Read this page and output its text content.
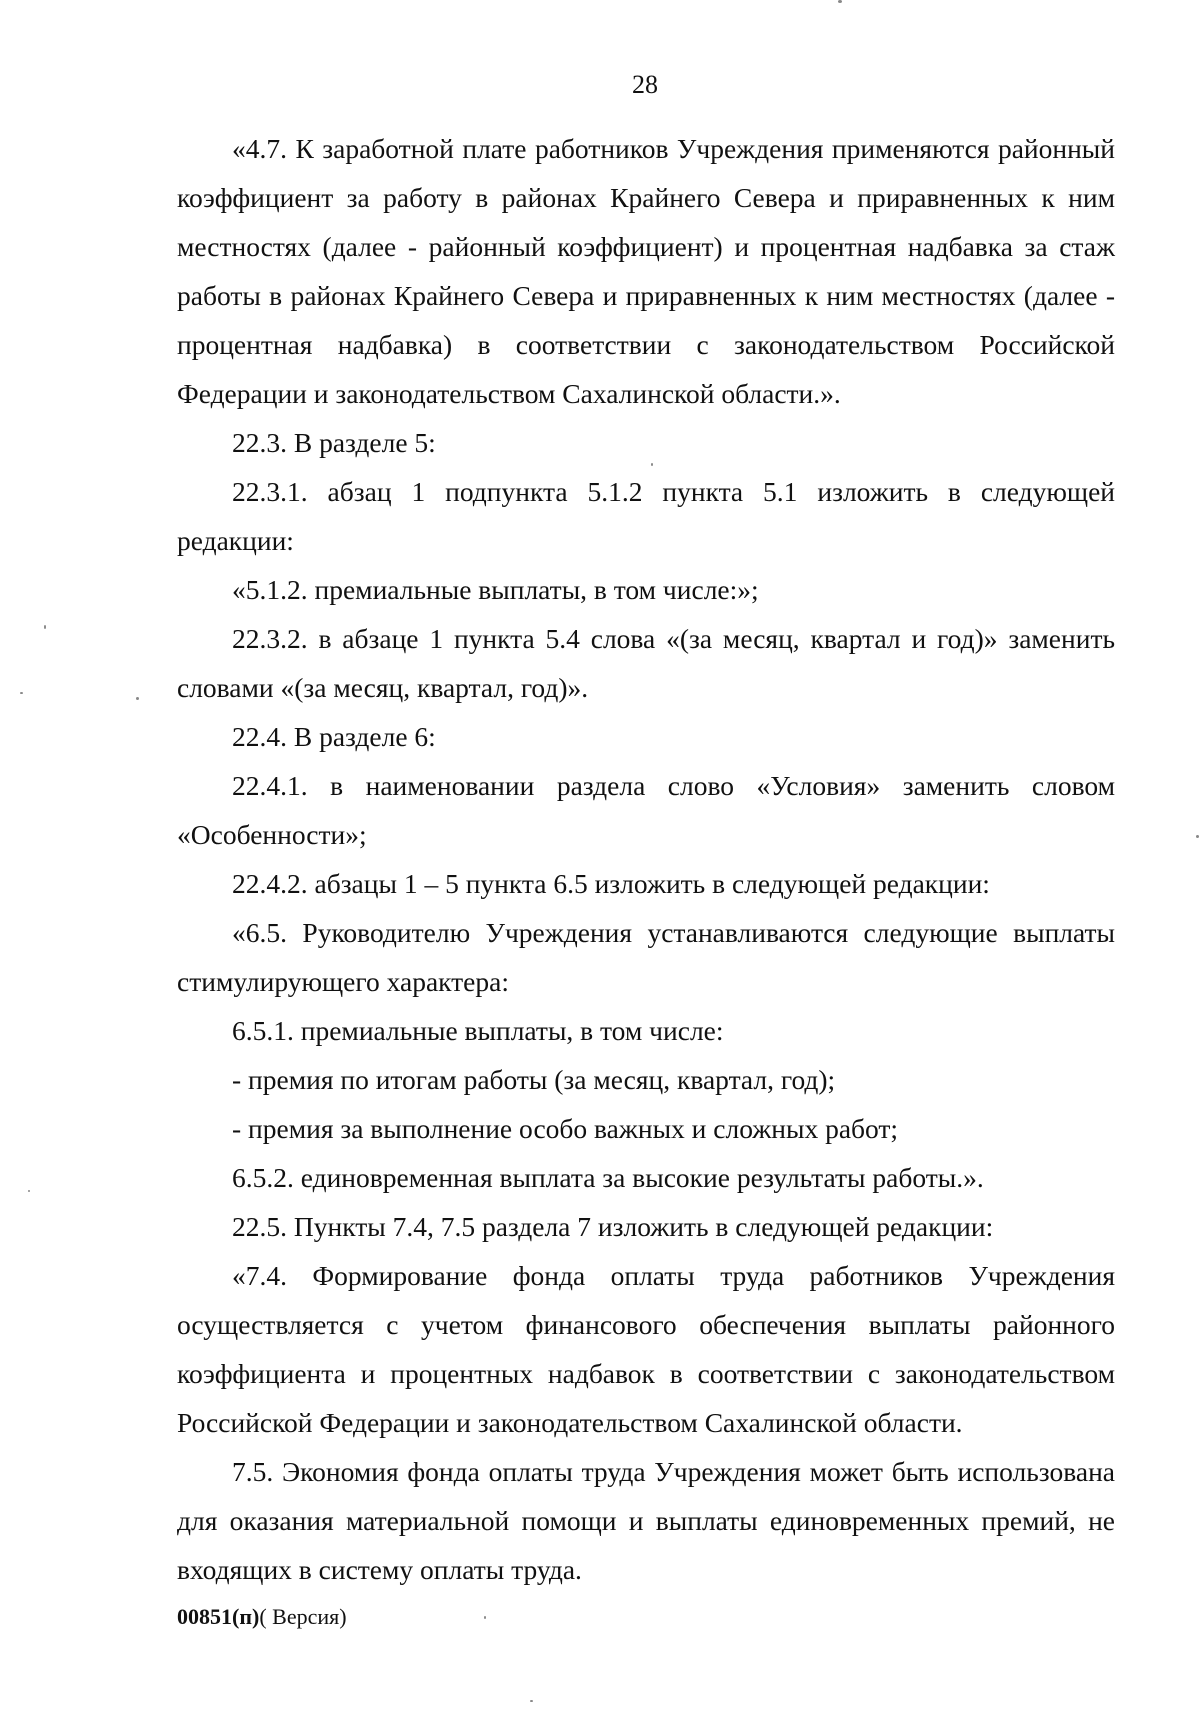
28

«4.7. К заработной плате работников Учреждения применяются районный коэффициент за работу в районах Крайнего Севера и приравненных к ним местностях (далее - районный коэффициент) и процентная надбавка за стаж работы в районах Крайнего Севера и приравненных к ним местностях (далее - процентная надбавка) в соответствии с законодательством Российской Федерации и законодательством Сахалинской области.».

22.3. В разделе 5:

22.3.1. абзац 1 подпункта 5.1.2 пункта 5.1 изложить в следующей редакции:

«5.1.2. премиальные выплаты, в том числе:»;

22.3.2. в абзаце 1 пункта 5.4 слова «(за месяц, квартал и год)» заменить словами «(за месяц, квартал, год)».

22.4. В разделе 6:

22.4.1. в наименовании раздела слово «Условия» заменить словом «Особенности»;

22.4.2. абзацы 1 – 5 пункта 6.5 изложить в следующей редакции:

«6.5. Руководителю Учреждения устанавливаются следующие выплаты стимулирующего характера:

6.5.1. премиальные выплаты, в том числе:

- премия по итогам работы (за месяц, квартал, год);

- премия за выполнение особо важных и сложных работ;

6.5.2. единовременная выплата за высокие результаты работы.».

22.5. Пункты 7.4, 7.5 раздела 7 изложить в следующей редакции:

«7.4. Формирование фонда оплаты труда работников Учреждения осуществляется с учетом финансового обеспечения выплаты районного коэффициента и процентных надбавок в соответствии с законодательством Российской Федерации и законодательством Сахалинской области.

7.5. Экономия фонда оплаты труда Учреждения может быть использована для оказания материальной помощи и выплаты единовременных премий, не входящих в систему оплаты труда.

00851(п)( Версия)
